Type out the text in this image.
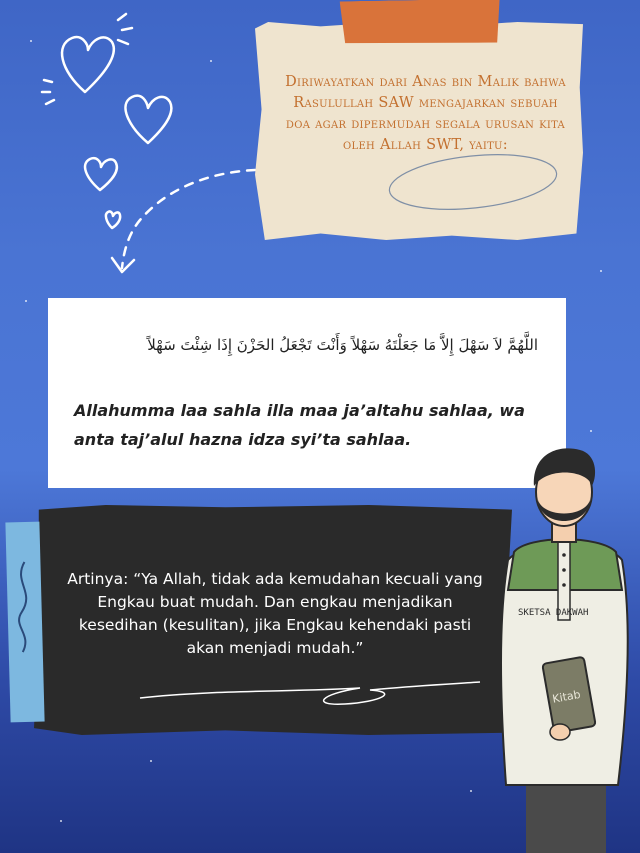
Diriwayatkan dari Anas bin Malik bahwa Rasulullah SAW mengajarkan sebuah doa agar dipermudah segala urusan kita oleh Allah SWT, yaitu:
اللَّهُمَّ لاَ سَهْلَ إِلاَّ مَا جَعَلْتَهُ سَهْلاً وَأَنْتَ تَجْعَلُ الحَزْنَ إِذَا شِئْتَ سَهْلاً
Allahumma laa sahla illa maa ja’altahu sahlaa, wa anta taj’alul hazna idza syi’ta sahlaa.
Artinya: “Ya Allah, tidak ada kemudahan kecuali yang Engkau buat mudah. Dan engkau menjadikan kesedihan (kesulitan), jika Engkau kehendaki pasti akan menjadi mudah.”
SKETSA DAKWAH
Kitab
